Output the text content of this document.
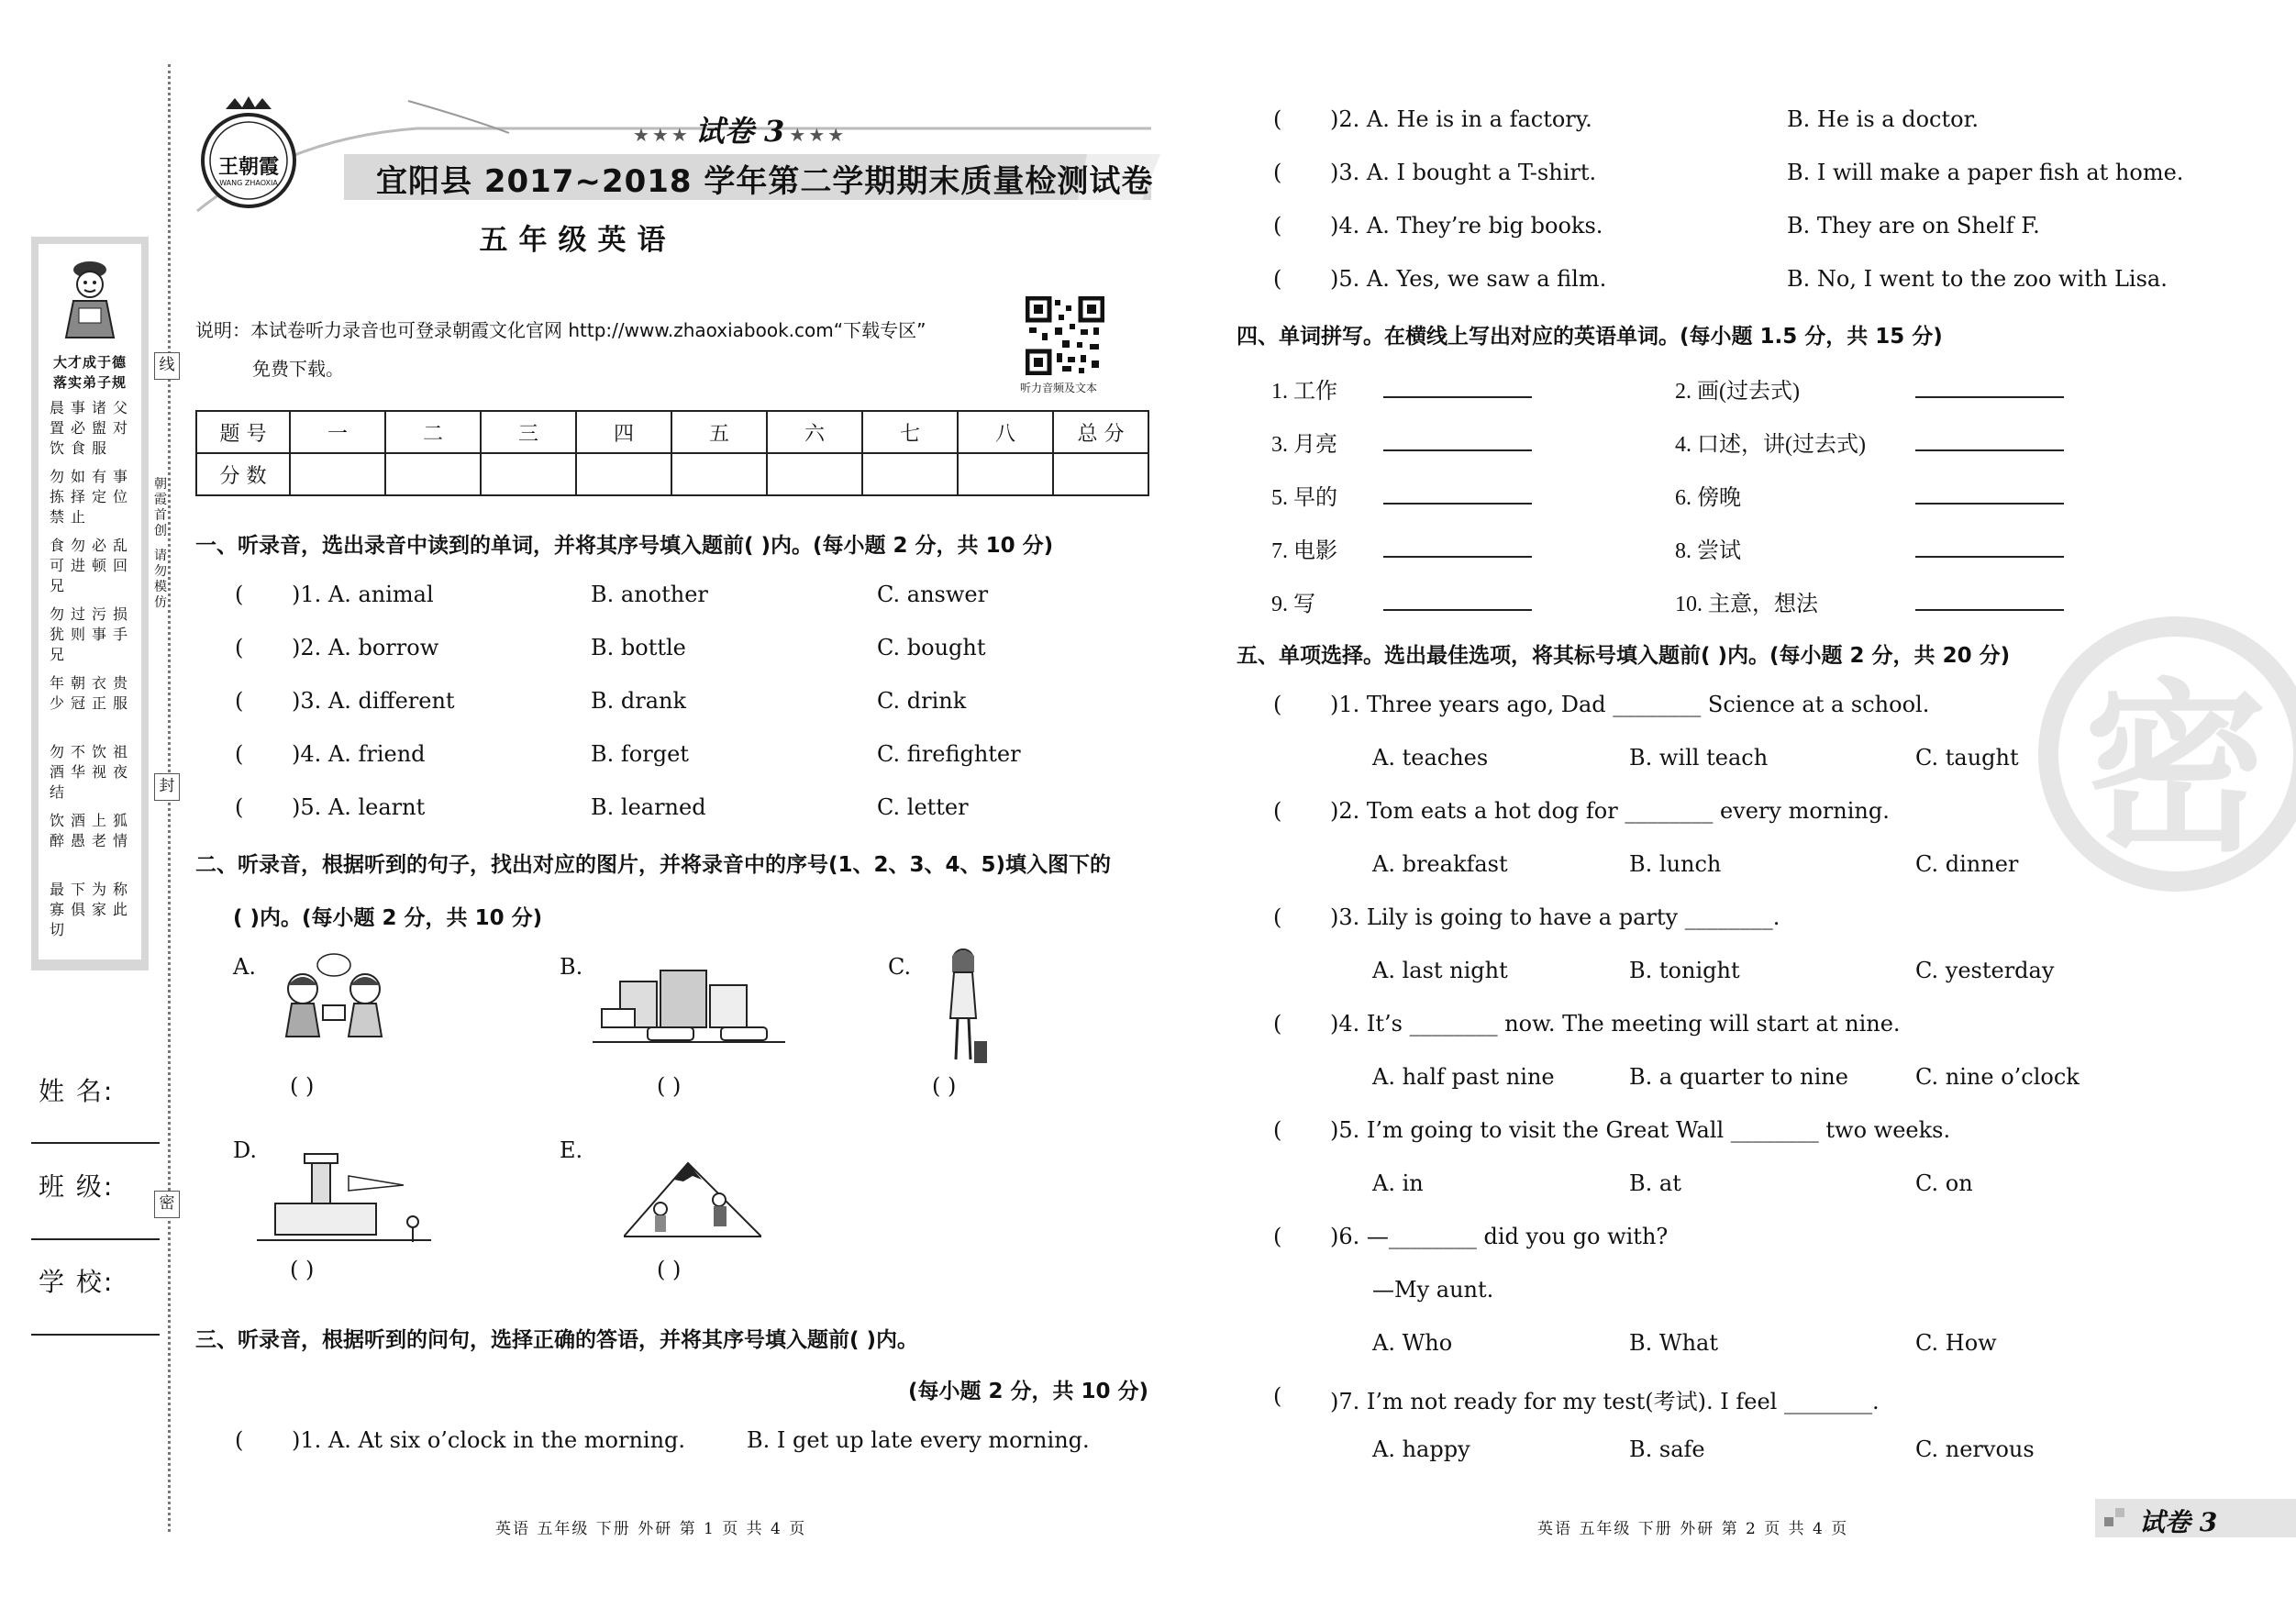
线
封
密
大才成于德
落实弟子规
晨事诸父置必盥对饮食服
勿如有事拣择定位禁止
食勿必乱可进顿回兄
勿过污损犹则事手兄
年朝衣贵少冠正服
勿不饮祖酒华视夜结
饮酒上狐醉愚老情
最下为称寡俱家此切
朝
霞
首
创
请
勿
模
仿
姓 名:
班 级:
学 校:
王朝霞
WANG ZHAOXIA
★★★ 试卷 3 ★★★
宜阳县 2017~2018 学年第二学期期末质量检测试卷
五年级英语
说明：本试卷听力录音也可登录朝霞文化官网 http://www.zhaoxiabook.com“下载专区”
免费下载。
听力音频及文本
题 号	一	二	三	四	五	六	七	八	总 分
分 数									
一、听录音，选出录音中读到的单词，并将其序号填入题前( )内。(每小题 2 分，共 10 分)
( )1. A. animal	B. another	C. answer
( )2. A. borrow	B. bottle	C. bought
( )3. A. different	B. drank	C. drink
( )4. A. friend	B. forget	C. firefighter
( )5. A. learnt	B. learned	C. letter
二、听录音，根据听到的句子，找出对应的图片，并将录音中的序号(1、2、3、4、5)填入图下的
( )内。(每小题 2 分，共 10 分)
A.
( )
B.
( )
C.
( )
D.
( )
E.
( )
三、听录音，根据听到的问句，选择正确的答语，并将其序号填入题前( )内。
(每小题 2 分，共 10 分)
( )1. A. At six o’clock in the morning.	B. I get up late every morning.
英语 五年级 下册 外研 第 1 页 共 4 页
密
( )2. A. He is in a factory.	B. He is a doctor.
( )3. A. I bought a T-shirt.	B. I will make a paper fish at home.
( )4. A. They’re big books.	B. They are on Shelf F.
( )5. A. Yes, we saw a film.	B. No, I went to the zoo with Lisa.
四、单词拼写。在横线上写出对应的英语单词。(每小题 1.5 分，共 15 分)
1. 工作	2. 画(过去式)
3. 月亮	4. 口述，讲(过去式)
5. 早的	6. 傍晚
7. 电影	8. 尝试
9. 写	10. 主意，想法
五、单项选择。选出最佳选项，将其标号填入题前( )内。(每小题 2 分，共 20 分)
( )1. Three years ago, Dad ________ Science at a school.
A. teaches	B. will teach	C. taught
( )2. Tom eats a hot dog for ________ every morning.
A. breakfast	B. lunch	C. dinner
( )3. Lily is going to have a party ________.
A. last night	B. tonight	C. yesterday
( )4. It’s ________ now. The meeting will start at nine.
A. half past nine	B. a quarter to nine	C. nine o’clock
( )5. I’m going to visit the Great Wall ________ two weeks.
A. in	B. at	C. on
( )6. —________ did you go with?
—My aunt.
A. Who	B. What	C. How
( )7. I’m not ready for my test(考试). I feel ________.
A. happy	B. safe	C. nervous
英语 五年级 下册 外研 第 2 页 共 4 页	试卷 3
